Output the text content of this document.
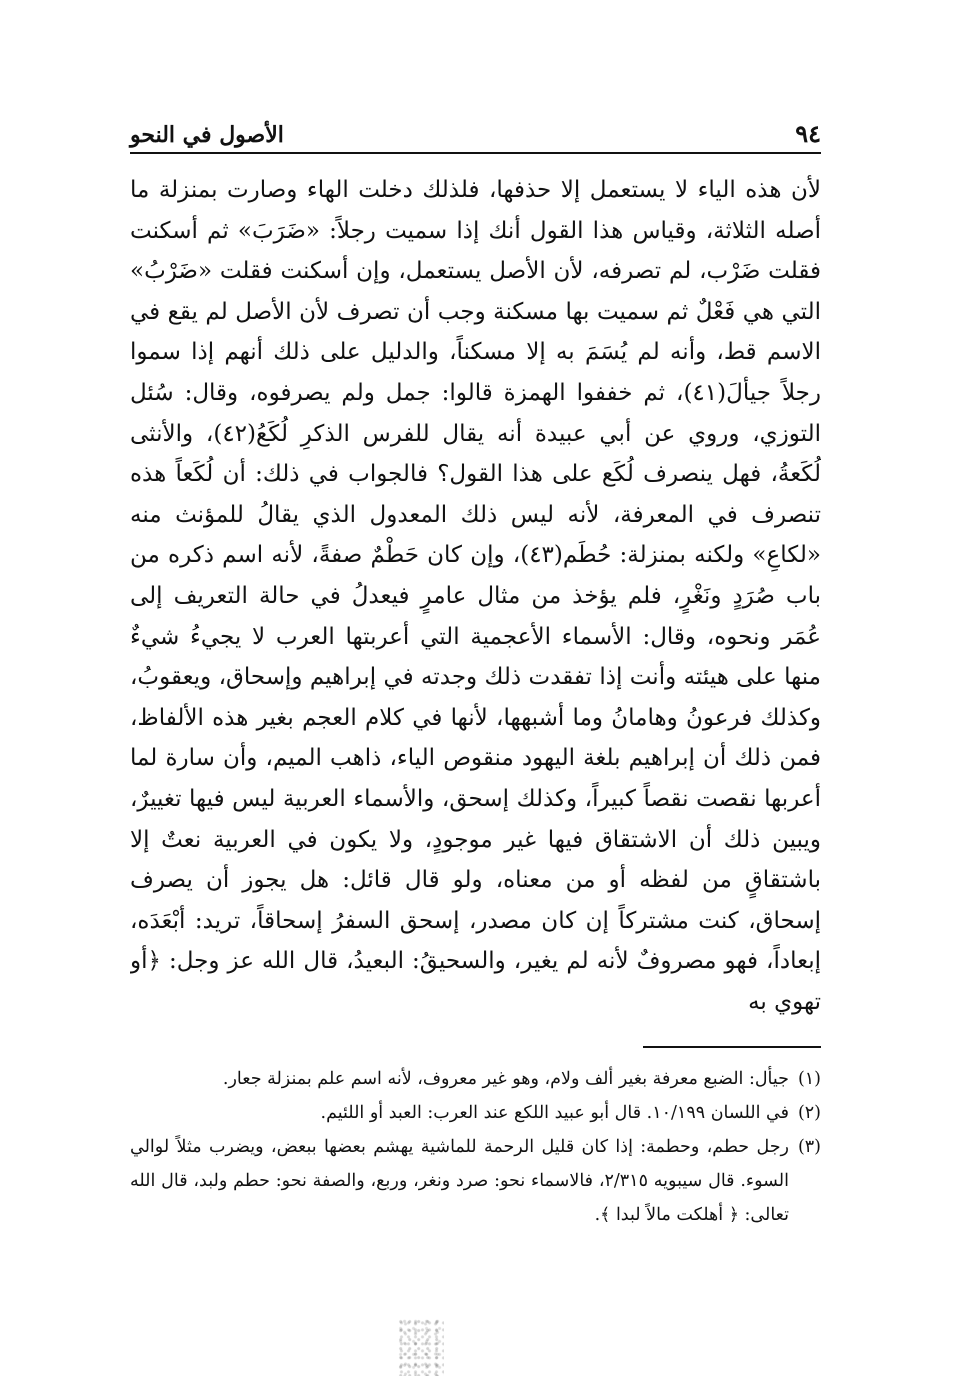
٩٤
الأصول في النحو

لأن هذه الياء لا يستعمل إلا حذفها، فلذلك دخلت الهاء وصارت بمنزلة ما أصله الثلاثة، وقياس هذا القول أنك إذا سميت رجلاً: «ضَرَبَ» ثم أسكنت فقلت ضَرْب، لم تصرفه، لأن الأصل يستعمل، وإن أسكنت فقلت «ضَرْبُ» التي هي فَعْلٌ ثم سميت بها مسكنة وجب أن تصرف لأن الأصل لم يقع في الاسم قط، وأنه لم يُسَمَ به إلا مسكناً، والدليل على ذلك أنهم إذا سموا رجلاً جيألَ(٤١)، ثم خففوا الهمزة قالوا: جمل ولم يصرفوه، وقال: سُئل التوزي، وروي عن أبي عبيدة أنه يقال للفرس الذكرِ لُكَعُ(٤٢)، والأنثى لُكَعةُ، فهل ينصرف لُكَع على هذا القول؟ فالجواب في ذلك: أن لُكَعاً هذه تنصرف في المعرفة، لأنه ليس ذلك المعدول الذي يقالُ للمؤنث منه «لكاعِ» ولكنه بمنزلة: حُطَم(٤٣)، وإن كان حَطْمٌ صفةً، لأنه اسم ذكره من باب صُرَدٍ ونَغْرٍ، فلم يؤخذ من مثال عامرٍ فيعدلُ في حالة التعريف إلى عُمَر ونحوه، وقال: الأسماء الأعجمية التي أعربتها العرب لا يجيءُ شيءٌ منها على هيئته وأنت إذا تفقدت ذلك وجدته في إبراهيم وإسحاق، ويعقوبُ، وكذلك فرعونُ وهامانُ وما أشبهها، لأنها في كلام العجم بغير هذه الألفاظ، فمن ذلك أن إبراهيم بلغة اليهود منقوص الياء، ذاهب الميم، وأن سارة لما أعربها نقصت نقصاً كبيراً، وكذلك إسحق، والأسماء العربية ليس فيها تغييرٌ، ويبين ذلك أن الاشتقاق فيها غير موجودٍ، ولا يكون في العربية نعتٌ إلا باشتقاقٍ من لفظه أو من معناه، ولو قال قائل: هل يجوز أن يصرف إسحاق، كنت مشتركاً إن كان مصدر، إسحق السفرُ إسحاقاً، تريد: أبْعَدَه، إبعاداً، فهو مصروفٌ لأنه لم يغير، والسحيقُ: البعيدُ، قال الله عز وجل: ﴿أو تهوي به

(١)
جيأل: الضبع معرفة بغير ألف ولام، وهو غير معروف، لأنه اسم علم بمنزلة جعار.

(٢)
في اللسان ١٠/١٩٩. قال أبو عبيد اللكع عند العرب: العبد أو اللئيم.

(٣)
رجل حطم، وحطمة: إذا كان قليل الرحمة للماشية يهشم بعضها ببعض، ويضرب مثلاً لوالي السوء. قال سيبويه ٢/٣١٥، فالاسماء نحو: صرد ونغر، وربع، والصفة نحو: حطم ولبد، قال الله تعالى: ﴿ أهلكت مالاً لبدا ﴾.
